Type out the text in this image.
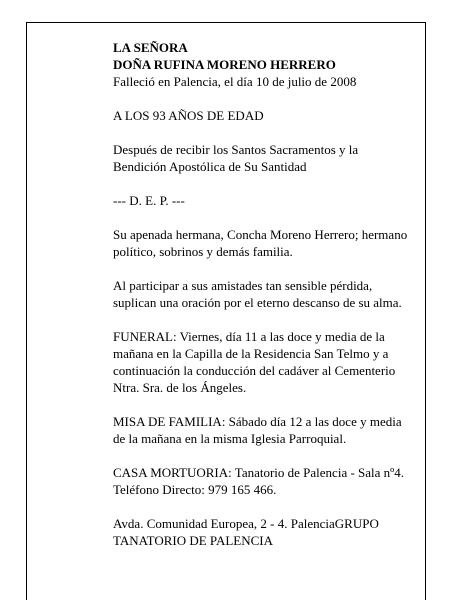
LA SEÑORA
DOÑA RUFINA MORENO HERRERO
Falleció en Palencia, el día 10 de julio de 2008

A LOS 93 AÑOS DE EDAD

Después de recibir los Santos Sacramentos y la Bendición Apostólica de Su Santidad

--- D. E. P. ---

Su apenada hermana, Concha Moreno Herrero; hermano político, sobrinos y demás familia.

Al participar a sus amistades tan sensible pérdida, suplican una oración por el eterno descanso de su alma.

FUNERAL: Viernes, día 11 a las doce y media de la mañana en la Capilla de la Residencia San Telmo y a continuación la conducción del cadáver al Cementerio Ntra. Sra. de los Ángeles.

MISA DE FAMILIA: Sábado día 12 a las doce y media de la mañana en la misma Iglesia Parroquial.

CASA MORTUORIA: Tanatorio de Palencia - Sala nº4. Teléfono Directo: 979 165 466.

Avda. Comunidad Europea, 2 - 4. PalenciaGRUPO TANATORIO DE PALENCIA
